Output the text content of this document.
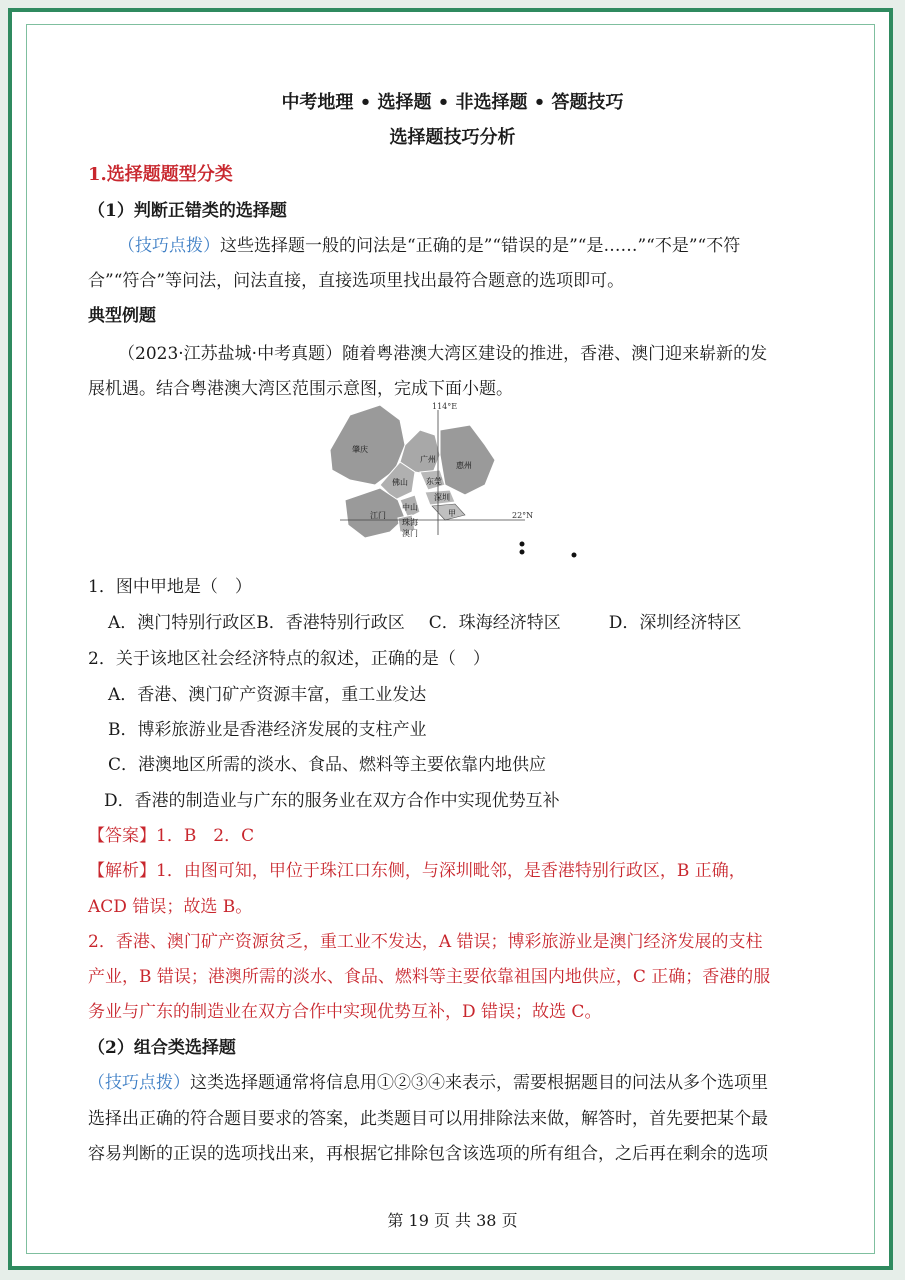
中考地理 • 选择题 • 非选择题 • 答题技巧
选择题技巧分析
1.选择题题型分类
（1）判断正错类的选择题
（技巧点拨）这些选择题一般的问法是“正确的是”“错误的是”“是……”“不是”“不符
合”“符合”等问法，问法直接，直接选项里找出最符合题意的选项即可。
典型例题
（2023·江苏盐城·中考真题）随着粤港澳大湾区建设的推进，香港、澳门迎来崭新的发
展机遇。结合粤港澳大湾区范围示意图，完成下面小题。
114°E
22°N
肇庆
广州
惠州
佛山 东莞
江门
中山
深圳
珠海
澳门
甲
1．图中甲地是（　）
A．澳门特别行政区B．香港特别行政区 C．珠海经济特区	D．深圳经济特区
2．关于该地区社会经济特点的叙述，正确的是（　）
A．香港、澳门矿产资源丰富，重工业发达
B．博彩旅游业是香港经济发展的支柱产业
C．港澳地区所需的淡水、食品、燃料等主要依靠内地供应
D．香港的制造业与广东的服务业在双方合作中实现优势互补
【答案】1．B　2．C
【解析】1．由图可知，甲位于珠江口东侧，与深圳毗邻，是香港特别行政区，B 正确，
ACD 错误；故选 B。
2．香港、澳门矿产资源贫乏，重工业不发达，A 错误；博彩旅游业是澳门经济发展的支柱
产业，B 错误；港澳所需的淡水、食品、燃料等主要依靠祖国内地供应，C 正确；香港的服
务业与广东的制造业在双方合作中实现优势互补，D 错误；故选 C。
（2）组合类选择题
（技巧点拨）这类选择题通常将信息用①②③④来表示，需要根据题目的问法从多个选项里
选择出正确的符合题目要求的答案，此类题目可以用排除法来做，解答时，首先要把某个最
容易判断的正误的选项找出来，再根据它排除包含该选项的所有组合，之后再在剩余的选项
第 19 页 共 38 页
